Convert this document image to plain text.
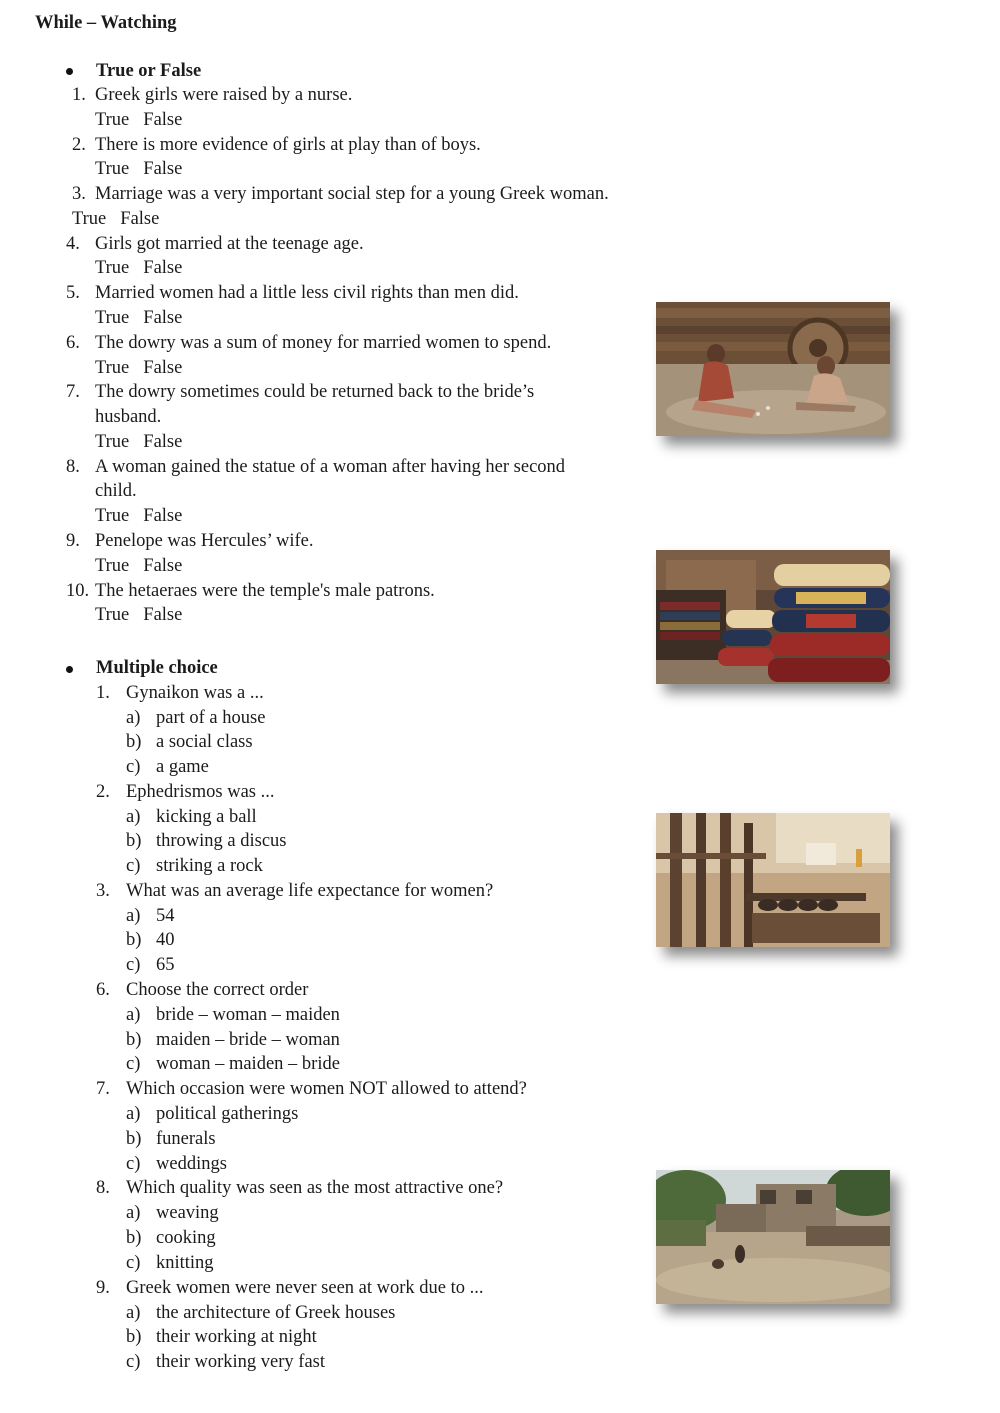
While – Watching
True or False
1. Greek girls were raised by a nurse.
True False
2. There is more evidence of girls at play than of boys.
True False
3. Marriage was a very important social step for a young Greek woman.
True False
4. Girls got married at the teenage age.
True False
5. Married women had a little less civil rights than men did.
True False
6. The dowry was a sum of money for married women to spend.
True False
7. The dowry sometimes could be returned back to the bride’s
husband.
True False
8. A woman gained the statue of a woman after having her second
child.
True False
9. Penelope was Hercules’ wife.
True False
10. The hetaeraes were the temple's male patrons.
True False
Multiple choice
1. Gynaikon was a ...
a) part of a house
b) a social class
c) a game
2. Ephedrismos was ...
a) kicking a ball
b) throwing a discus
c) striking a rock
3. What was an average life expectance for women?
a) 54
b) 40
c) 65
6. Choose the correct order
a) bride – woman – maiden
b) maiden – bride – woman
c) woman – maiden – bride
7. Which occasion were women NOT allowed to attend?
a) political gatherings
b) funerals
c) weddings
8. Which quality was seen as the most attractive one?
a) weaving
b) cooking
c) knitting
9. Greek women were never seen at work due to ...
a) the architecture of Greek houses
b) their working at night
c) their working very fast
